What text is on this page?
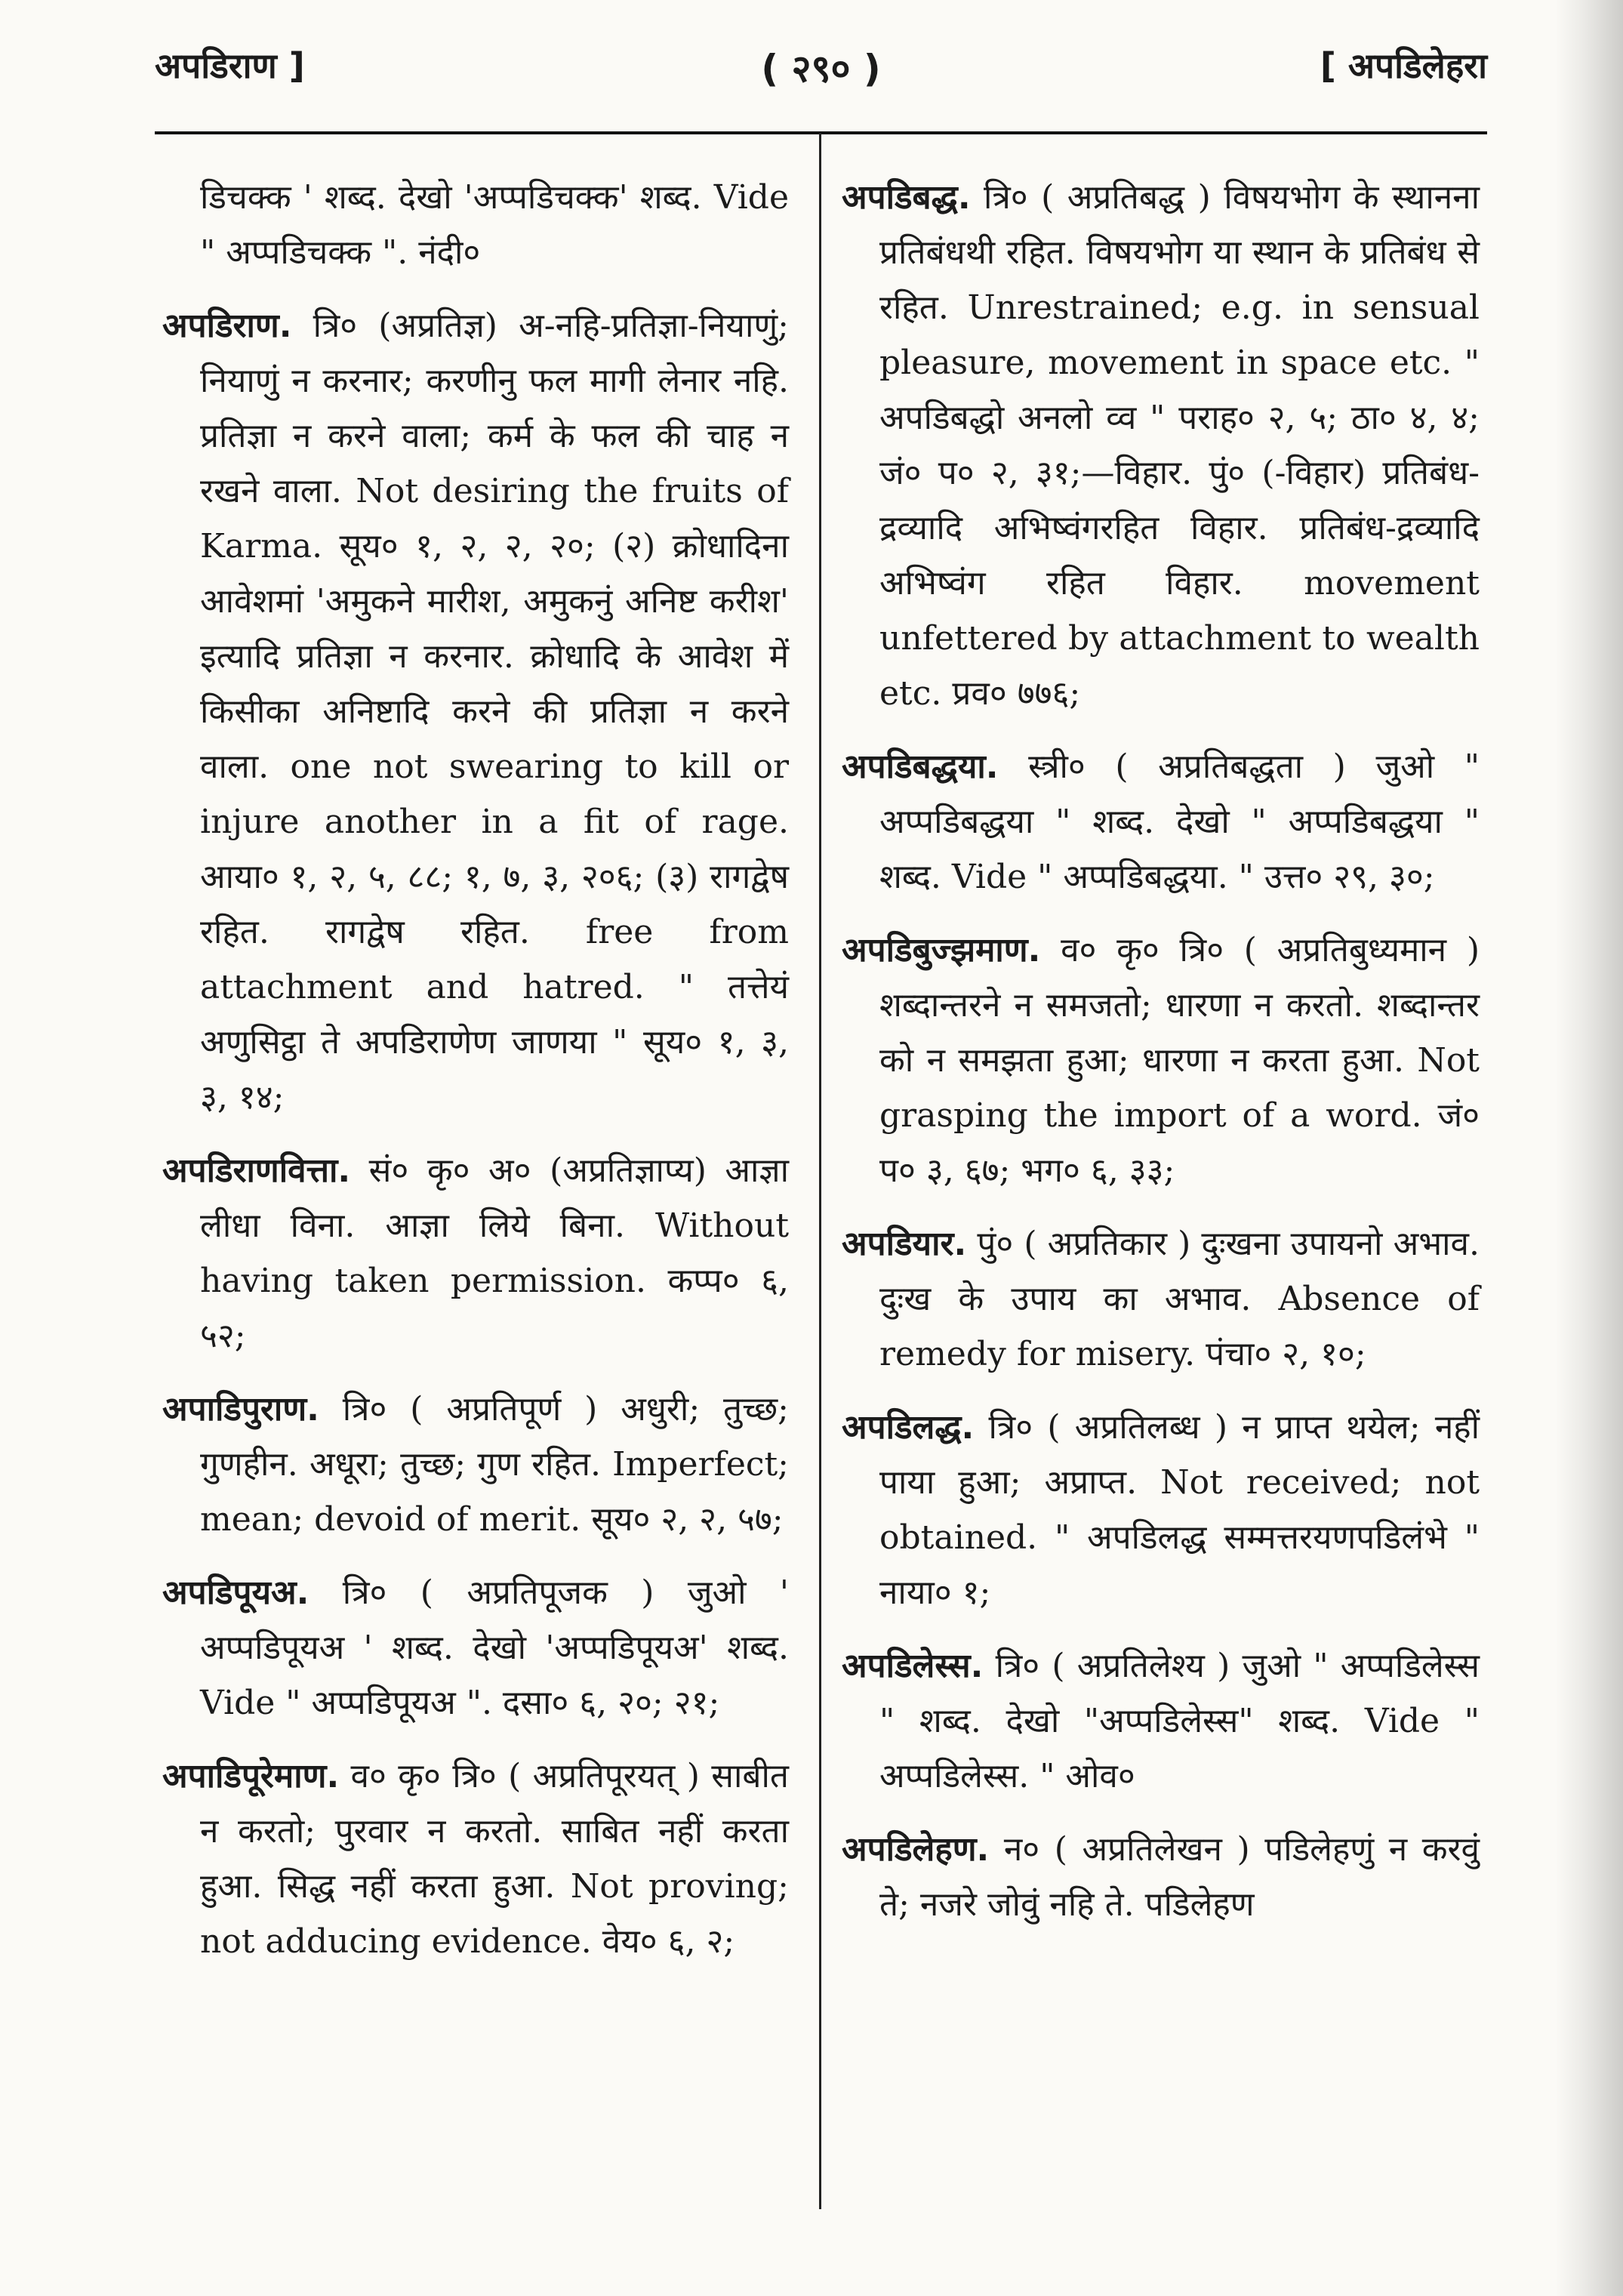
अपडिराण ]	( २९० )	[ अपडिलेहरा

डिचक्क ' शब्द. देखो 'अप्पडिचक्क' शब्द. Vide " अप्पडिचक्क ". नंदी०

अपडिराण. त्रि० (अप्रतिज्ञ) अ-नहि-प्रतिज्ञा-नियाणुं; नियाणुं न करनार; करणीनु फल मागी लेनार नहि. प्रतिज्ञा न करने वाला; कर्म के फल की चाह न रखने वाला. Not desiring the fruits of Karma. सूय० १, २, २, २०; (२) क्रोधादिना आवेशमां 'अमुकने मारीश, अमुकनुं अनिष्ट करीश' इत्यादि प्रतिज्ञा न करनार. क्रोधादि के आवेश में किसीका अनिष्टादि करने की प्रतिज्ञा न करने वाला. one not swearing to kill or injure another in a fit of rage. आया० १, २, ५, ८८; १, ७, ३, २०६; (३) रागद्वेष रहित. रागद्वेष रहित. free from attachment and hatred. " तत्तेयं अणुसिट्ठा ते अपडिराणेण जाणया " सूय० १, ३, ३, १४;

अपडिराणवित्ता. सं० कृ० अ० (अप्रतिज्ञाप्य) आज्ञा लीधा विना. आज्ञा लिये बिना. Without having taken permission. कप्प० ६, ५२;

अपाडिपुराण. त्रि० ( अप्रतिपूर्ण ) अधुरी; तुच्छ; गुणहीन. अधूरा; तुच्छ; गुण रहित. Imperfect; mean; devoid of merit. सूय० २, २, ५७;

अपडिपूयअ. त्रि० ( अप्रतिपूजक ) जुओ ' अप्पडिपूयअ ' शब्द. देखो 'अप्पडिपूयअ' शब्द. Vide " अप्पडिपूयअ ". दसा० ६, २०; २१;

अपाडिपूरेमाण. व० कृ० त्रि० ( अप्रतिपूरयत् ) साबीत न करतो; पुरवार न करतो. साबित नहीं करता हुआ. सिद्ध नहीं करता हुआ. Not proving; not adducing evidence. वेय० ६, २;

अपडिबद्ध. त्रि० ( अप्रतिबद्ध ) विषयभोग के स्थानना प्रतिबंधथी रहित. विषयभोग या स्थान के प्रतिबंध से रहित. Unrestrained; e.g. in sensual pleasure, movement in space etc. " अपडिबद्धो अनलो व्व " पराह० २, ५; ठा० ४, ४; जं० प० २, ३१;—विहार. पुं० (-विहार) प्रतिबंध-द्रव्यादि अभिष्वंगरहित विहार. प्रतिबंध-द्रव्यादि अभिष्वंग रहित विहार. movement unfettered by attachment to wealth etc. प्रव० ७७६;

अपडिबद्धया. स्त्री० ( अप्रतिबद्धता ) जुओ " अप्पडिबद्धया " शब्द. देखो " अप्पडिबद्धया " शब्द. Vide " अप्पडिबद्धया. " उत्त० २९, ३०;

अपडिबुज्झमाण. व० कृ० त्रि० ( अप्रतिबुध्यमान ) शब्दान्तरने न समजतो; धारणा न करतो. शब्दान्तर को न समझता हुआ; धारणा न करता हुआ. Not grasping the import of a word. जं० प० ३, ६७; भग० ६, ३३;

अपडियार. पुं० ( अप्रतिकार ) दुःखना उपायनो अभाव. दुःख के उपाय का अभाव. Absence of remedy for misery. पंचा० २, १०;

अपडिलद्ध. त्रि० ( अप्रतिलब्ध ) न प्राप्त थयेल; नहीं पाया हुआ; अप्राप्त. Not received; not obtained. " अपडिलद्ध सम्मत्तरयणपडिलंभे " नाया० १;

अपडिलेस्स. त्रि० ( अप्रतिलेश्य ) जुओ " अप्पडिलेस्स " शब्द. देखो "अप्पडिलेस्स" शब्द. Vide " अप्पडिलेस्स. " ओव०

अपडिलेहण. न० ( अप्रतिलेखन ) पडिलेहणुं न करवुं ते; नजरे जोवुं नहि ते. पडिलेहण
